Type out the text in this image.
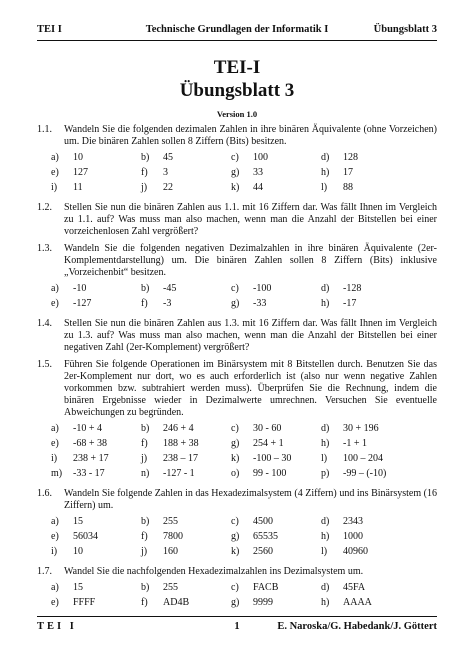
TEI I	Technische Grundlagen der Informatik I	Übungsblatt 3
TEI-I
Übungsblatt 3
Version 1.0
1.1. Wandeln Sie die folgenden dezimalen Zahlen in ihre binären Äquivalente (ohne Vorzeichen) um. Die binären Zahlen sollen 8 Ziffern (Bits) besitzen.
a)	10	b)	45	c)	100	d)	128
e)	127	f)	3	g)	33	h)	17
i)	11	j)	22	k)	44	l)	88
1.2. Stellen Sie nun die binären Zahlen aus 1.1. mit 16 Ziffern dar. Was fällt Ihnen im Vergleich zu 1.1. auf? Was muss man also machen, wenn man die Anzahl der Bitstellen bei einer vorzeichenlosen Zahl vergrößert?
1.3. Wandeln Sie die folgenden negativen Dezimalzahlen in ihre binären Äquivalente (2er-Komplementdarstellung) um. Die binären Zahlen sollen 8 Ziffern (Bits) inklusive „Vorzeichenbit“ besitzen.
a)	-10	b)	-45	c)	-100	d)	-128
e)	-127	f)	-3	g)	-33	h)	-17
1.4. Stellen Sie nun die binären Zahlen aus 1.3. mit 16 Ziffern dar. Was fällt Ihnen im Vergleich zu 1.3. auf? Was muss man also machen, wenn man die Anzahl der Bitstellen bei einer negativen Zahl (2er-Komplement) vergrößert?
1.5. Führen Sie folgende Operationen im Binärsystem mit 8 Bitstellen durch. Benutzen Sie das 2er-Komplement nur dort, wo es auch erforderlich ist (also nur wenn negative Zahlen vorkommen bzw. subtrahiert werden muss). Überprüfen Sie die Rechnung, indem die binären Ergebnisse wieder in Dezimalwerte umrechnen. Versuchen Sie eventuelle Abweichungen zu begründen.
a)	-10 + 4	b)	246 + 4	c)	30 - 60	d)	30 + 196
e)	-68 + 38	f)	188 + 38	g)	254 + 1	h)	-1 + 1
i)	238 + 17	j)	238 – 17	k)	-100 – 30	l)	100 – 204
m)	-33 - 17	n)	-127 - 1	o)	99 - 100	p)	-99 – (-10)
1.6. Wandeln Sie folgende Zahlen in das Hexadezimalsystem (4 Ziffern) und ins Binärsystem (16 Ziffern) um.
a)	15	b)	255	c)	4500	d)	2343
e)	56034	f)	7800	g)	65535	h)	1000
i)	10	j)	160	k)	2560	l)	40960
1.7. Wandel Sie die nachfolgenden Hexadezimalzahlen ins Dezimalsystem um.
a)	15	b)	255	c)	FACB	d)	45FA
e)	FFFF	f)	AD4B	g)	9999	h)	AAAA
TEI I	1	E. Naroska/G. Habedank/J. Göttert
